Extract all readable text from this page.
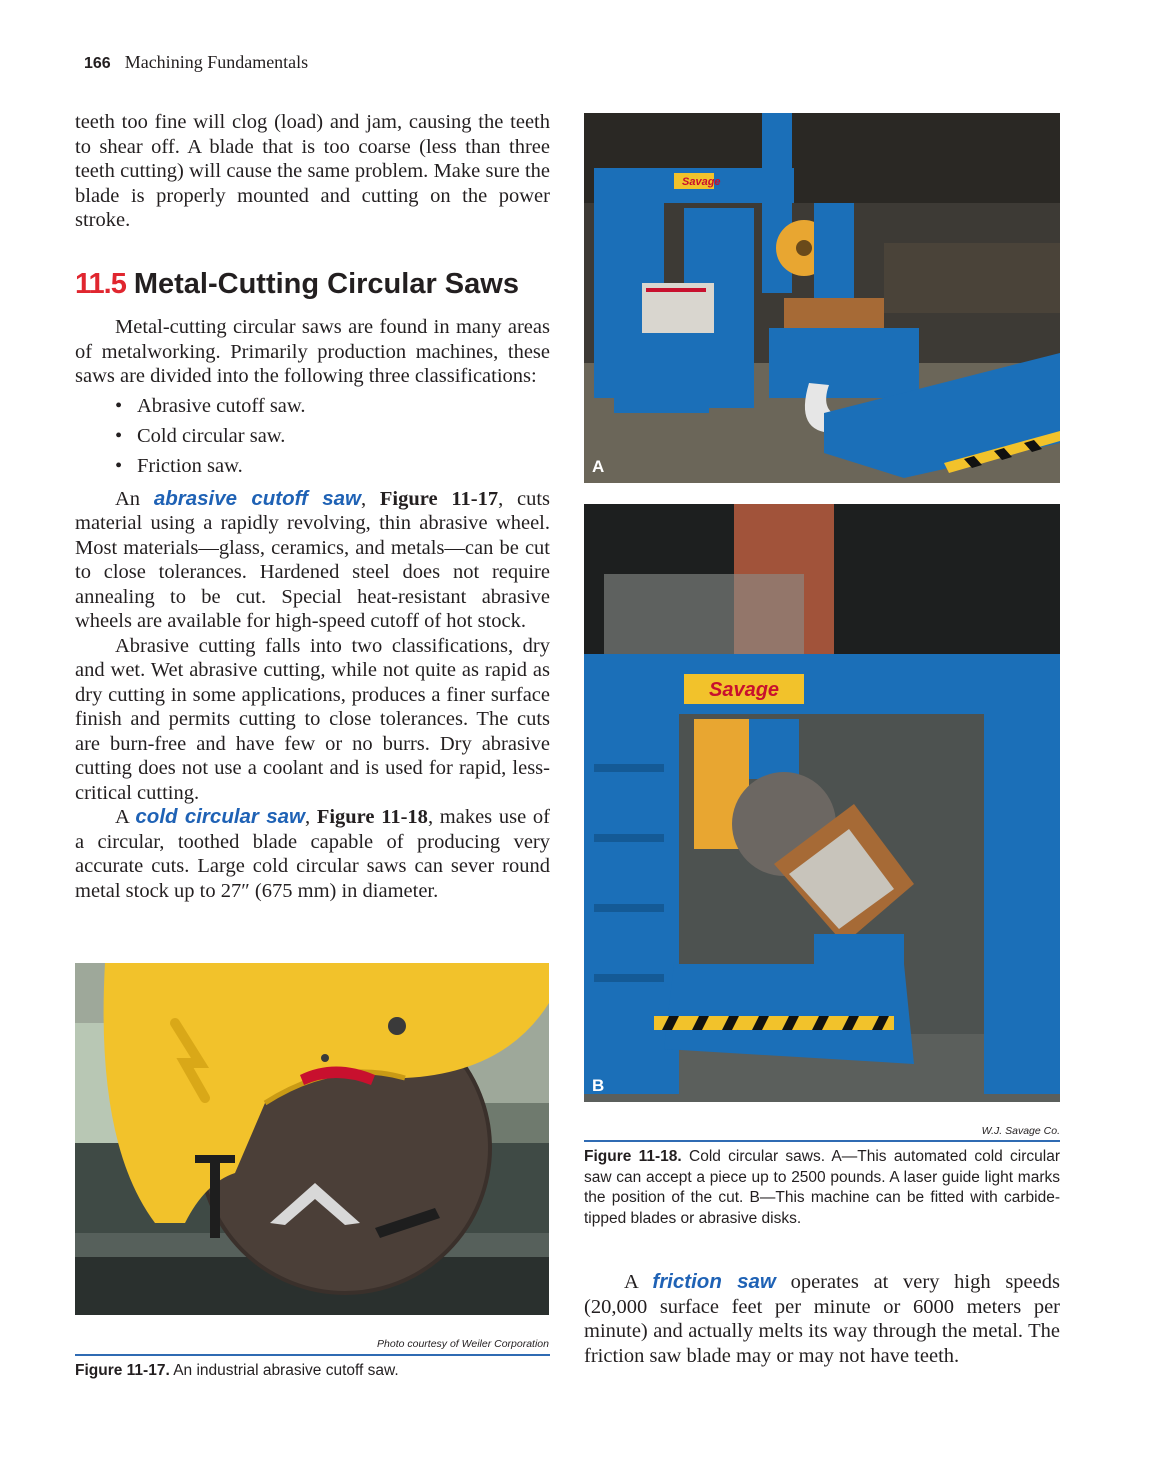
166 Machining Fundamentals

teeth too fine will clog (load) and jam, causing the teeth to shear off. A blade that is too coarse (less than three teeth cutting) will cause the same problem. Make sure the blade is properly mounted and cutting on the power stroke.

11.5 Metal-Cutting Circular Saws

Metal-cutting circular saws are found in many areas of metalworking. Primarily production machines, these saws are divided into the following three classifications:

• Abrasive cutoff saw.
• Cold circular saw.
• Friction saw.

An abrasive cutoff saw, Figure 11-17, cuts material using a rapidly revolving, thin abrasive wheel. Most materials—glass, ceramics, and metals—can be cut to close tolerances. Hardened steel does not require annealing to be cut. Special heat-resistant abrasive wheels are available for high-speed cutoff of hot stock.

Abrasive cutting falls into two classifications, dry and wet. Wet abrasive cutting, while not quite as rapid as dry cutting in some applications, produces a finer surface finish and permits cutting to close tolerances. The cuts are burn-free and have few or no burrs. Dry abrasive cutting does not use a coolant and is used for rapid, less-critical cutting.

A cold circular saw, Figure 11-18, makes use of a circular, toothed blade capable of producing very accurate cuts. Large cold circular saws can sever round metal stock up to 27″ (675 mm) in diameter.

Photo courtesy of Weiler Corporation
Figure 11-17. An industrial abrasive cutoff saw.
Savage
A
Savage
B
W.J. Savage Co.
Figure 11-18. Cold circular saws. A—This automated cold circular saw can accept a piece up to 2500 pounds. A laser guide light marks the position of the cut. B—This machine can be fitted with carbide-tipped blades or abrasive disks.

A friction saw operates at very high speeds (20,000 surface feet per minute or 6000 meters per minute) and actually melts its way through the metal. The friction saw blade may or may not have teeth.
